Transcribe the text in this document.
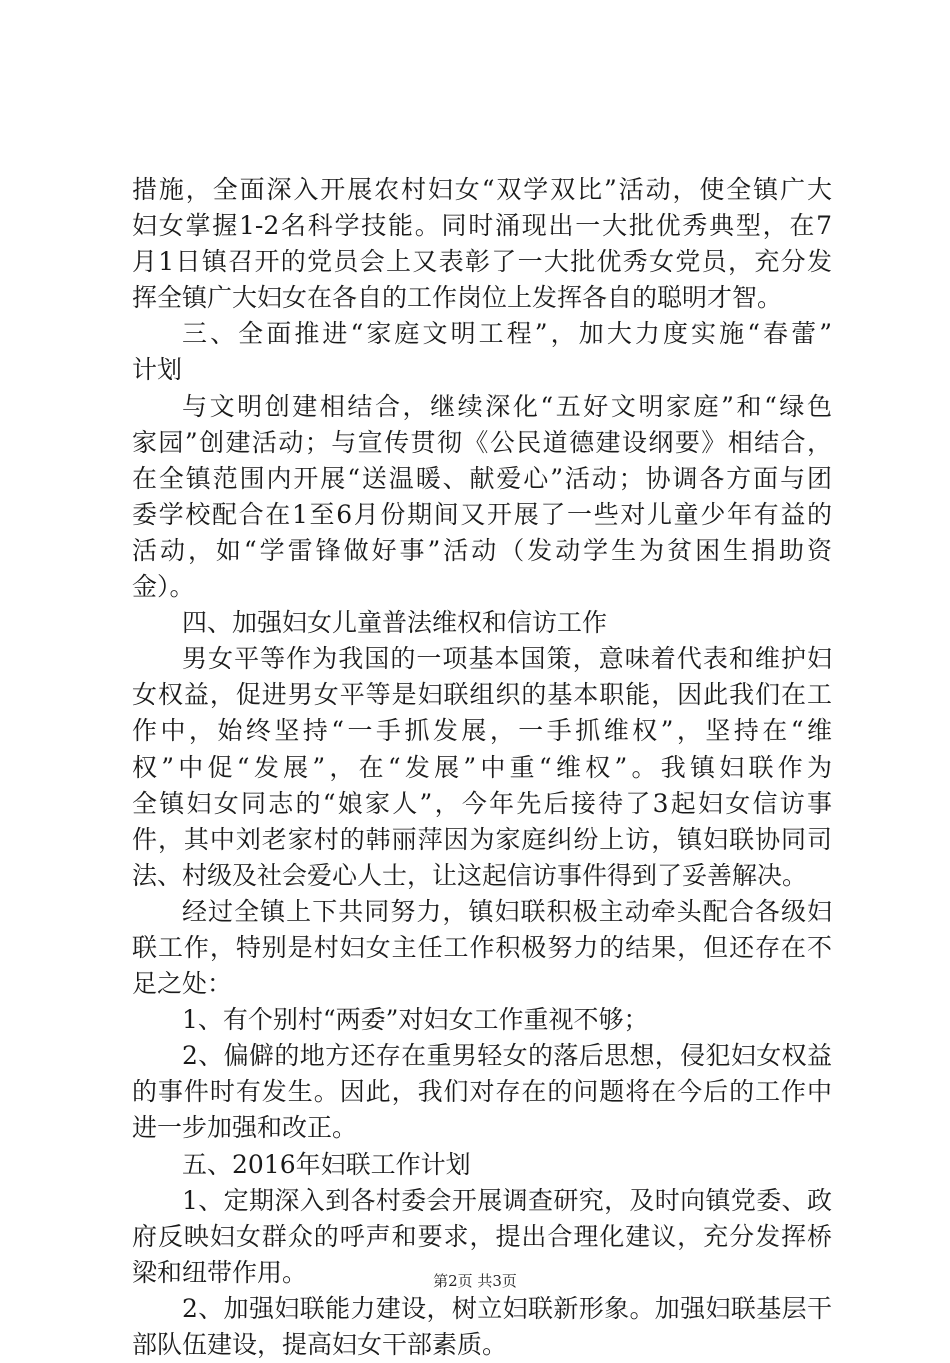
措施，全面深入开展农村妇女“双学双比”活动，使全镇广大
妇女掌握1-2名科学技能。同时涌现出一大批优秀典型，在7
月1日镇召开的党员会上又表彰了一大批优秀女党员，充分发
挥全镇广大妇女在各自的工作岗位上发挥各自的聪明才智。
三、全面推进“家庭文明工程”，加大力度实施“春蕾”
计划
与文明创建相结合，继续深化“五好文明家庭”和“绿色
家园”创建活动；与宣传贯彻《公民道德建设纲要》相结合，
在全镇范围内开展“送温暖、献爱心”活动；协调各方面与团
委学校配合在1至6月份期间又开展了一些对儿童少年有益的
活动，如“学雷锋做好事”活动（发动学生为贫困生捐助资
金）。
四、加强妇女儿童普法维权和信访工作
男女平等作为我国的一项基本国策，意味着代表和维护妇
女权益，促进男女平等是妇联组织的基本职能，因此我们在工
作中，始终坚持“一手抓发展，一手抓维权”，坚持在“维
权”中促“发展”，在“发展”中重“维权”。我镇妇联作为
全镇妇女同志的“娘家人”，今年先后接待了3起妇女信访事
件，其中刘老家村的韩丽萍因为家庭纠纷上访，镇妇联协同司
法、村级及社会爱心人士，让这起信访事件得到了妥善解决。
经过全镇上下共同努力，镇妇联积极主动牵头配合各级妇
联工作，特别是村妇女主任工作积极努力的结果，但还存在不
足之处：
1、有个别村“两委”对妇女工作重视不够；
2、偏僻的地方还存在重男轻女的落后思想，侵犯妇女权益
的事件时有发生。因此，我们对存在的问题将在今后的工作中
进一步加强和改正。
五、2016年妇联工作计划
1、定期深入到各村委会开展调查研究，及时向镇党委、政
府反映妇女群众的呼声和要求，提出合理化建议，充分发挥桥
梁和纽带作用。
2、加强妇联能力建设，树立妇联新形象。加强妇联基层干
部队伍建设，提高妇女干部素质。
第2页 共3页
